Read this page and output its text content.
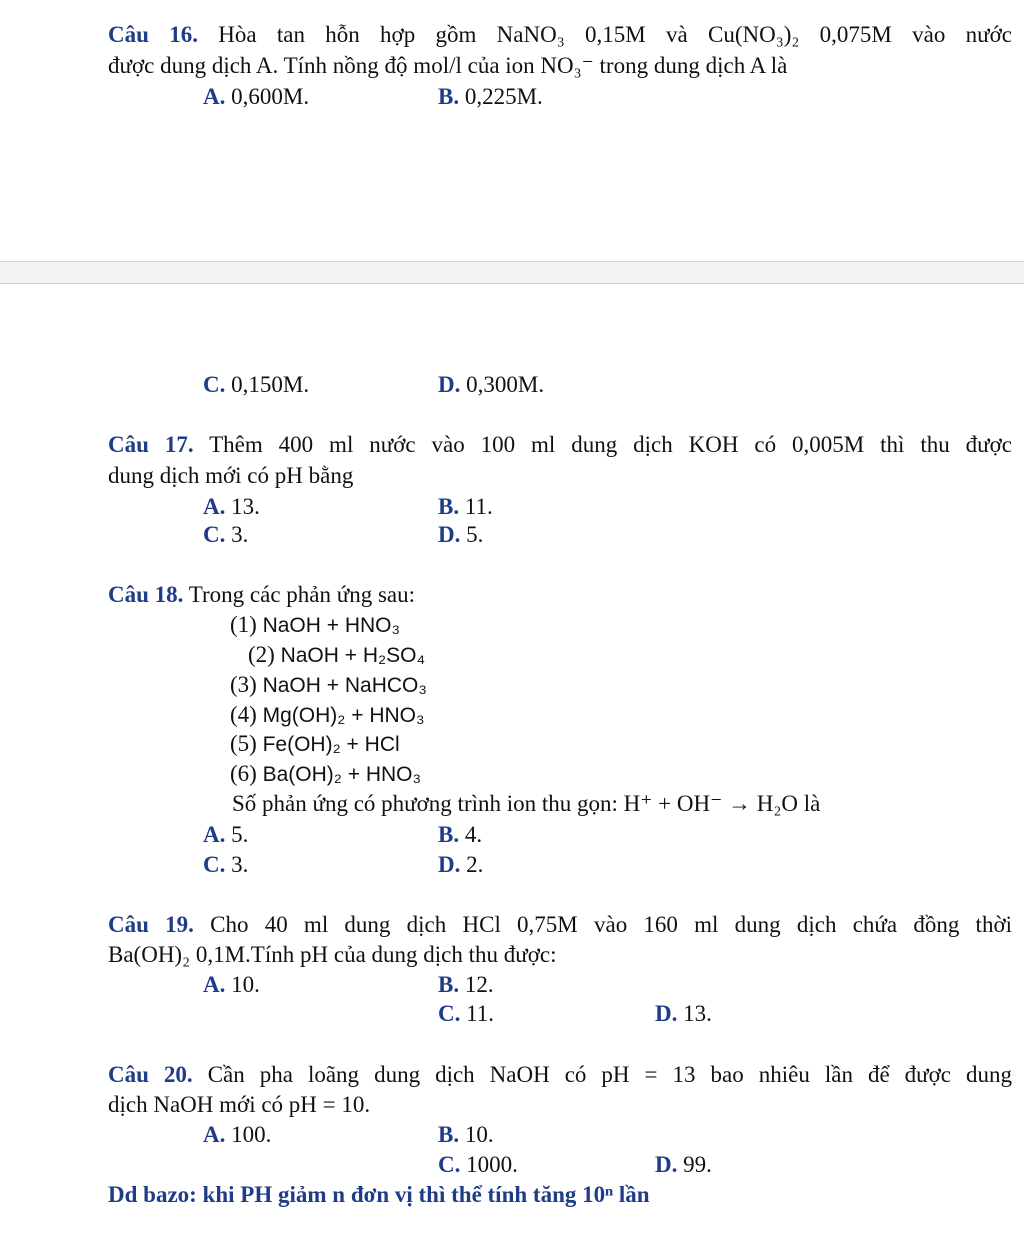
Câu 16. Hòa tan hỗn hợp gồm NaNO₃ 0,15M và Cu(NO₃)₂ 0,075M vào nước
được dung dịch A. Tính nồng độ mol/l của ion NO₃⁻ trong dung dịch A là
A. 0,600M.	B. 0,225M.
C. 0,150M.	D. 0,300M.
Câu 17. Thêm 400 ml nước vào 100 ml dung dịch KOH có 0,005M thì thu được
dung dịch mới có pH bằng
A. 13.	B. 11.
C. 3.	D. 5.
Câu 18. Trong các phản ứng sau:
(1) NaOH + HNO₃
(2) NaOH + H₂SO₄
(3) NaOH + NaHCO₃
(4) Mg(OH)₂ + HNO₃
(5) Fe(OH)₂ + HCl
(6) Ba(OH)₂ + HNO₃
Số phản ứng có phương trình ion thu gọn: H⁺ + OH⁻ → H₂O là
A. 5.	B. 4.
C. 3.	D. 2.
Câu 19. Cho 40 ml dung dịch HCl 0,75M vào 160 ml dung dịch chứa đồng thời
Ba(OH)₂ 0,1M.Tính pH của dung dịch thu được:
A. 10.	B. 12.
C. 11.	D. 13.
Câu 20. Cần pha loãng dung dịch NaOH có pH = 13 bao nhiêu lần để được dung
dịch NaOH mới có pH = 10.
A. 100.	B. 10.
C. 1000.	D. 99.
Dd bazo: khi PH giảm n đơn vị thì thể tính tăng 10ⁿ lần
